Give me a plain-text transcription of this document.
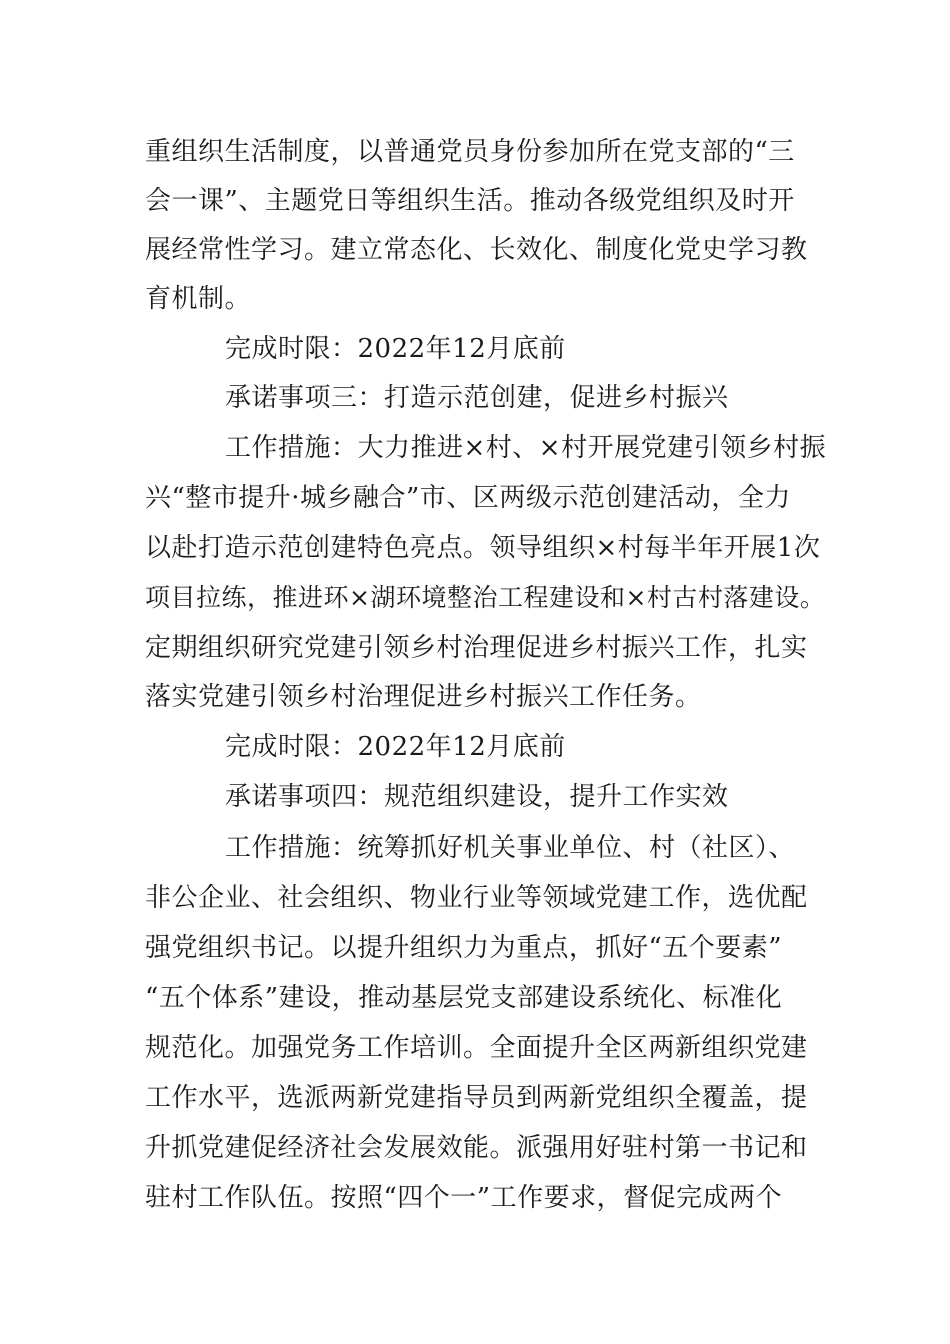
重组织生活制度，以普通党员身份参加所在党支部的“三
会一课”、主题党日等组织生活。推动各级党组织及时开
展经常性学习。建立常态化、长效化、制度化党史学习教
育机制。
完成时限：2022年12月底前
承诺事项三：打造示范创建，促进乡村振兴
工作措施：大力推进×村、×村开展党建引领乡村振
兴“整市提升·城乡融合”市、区两级示范创建活动，全力
以赴打造示范创建特色亮点。领导组织×村每半年开展1次
项目拉练，推进环×湖环境整治工程建设和×村古村落建设。
定期组织研究党建引领乡村治理促进乡村振兴工作，扎实
落实党建引领乡村治理促进乡村振兴工作任务。
完成时限：2022年12月底前
承诺事项四：规范组织建设，提升工作实效
工作措施：统筹抓好机关事业单位、村（社区）、
非公企业、社会组织、物业行业等领域党建工作，选优配
强党组织书记。以提升组织力为重点，抓好“五个要素”
“五个体系”建设，推动基层党支部建设系统化、标准化
规范化。加强党务工作培训。全面提升全区两新组织党建
工作水平，选派两新党建指导员到两新党组织全覆盖，提
升抓党建促经济社会发展效能。派强用好驻村第一书记和
驻村工作队伍。按照“四个一”工作要求，督促完成两个
